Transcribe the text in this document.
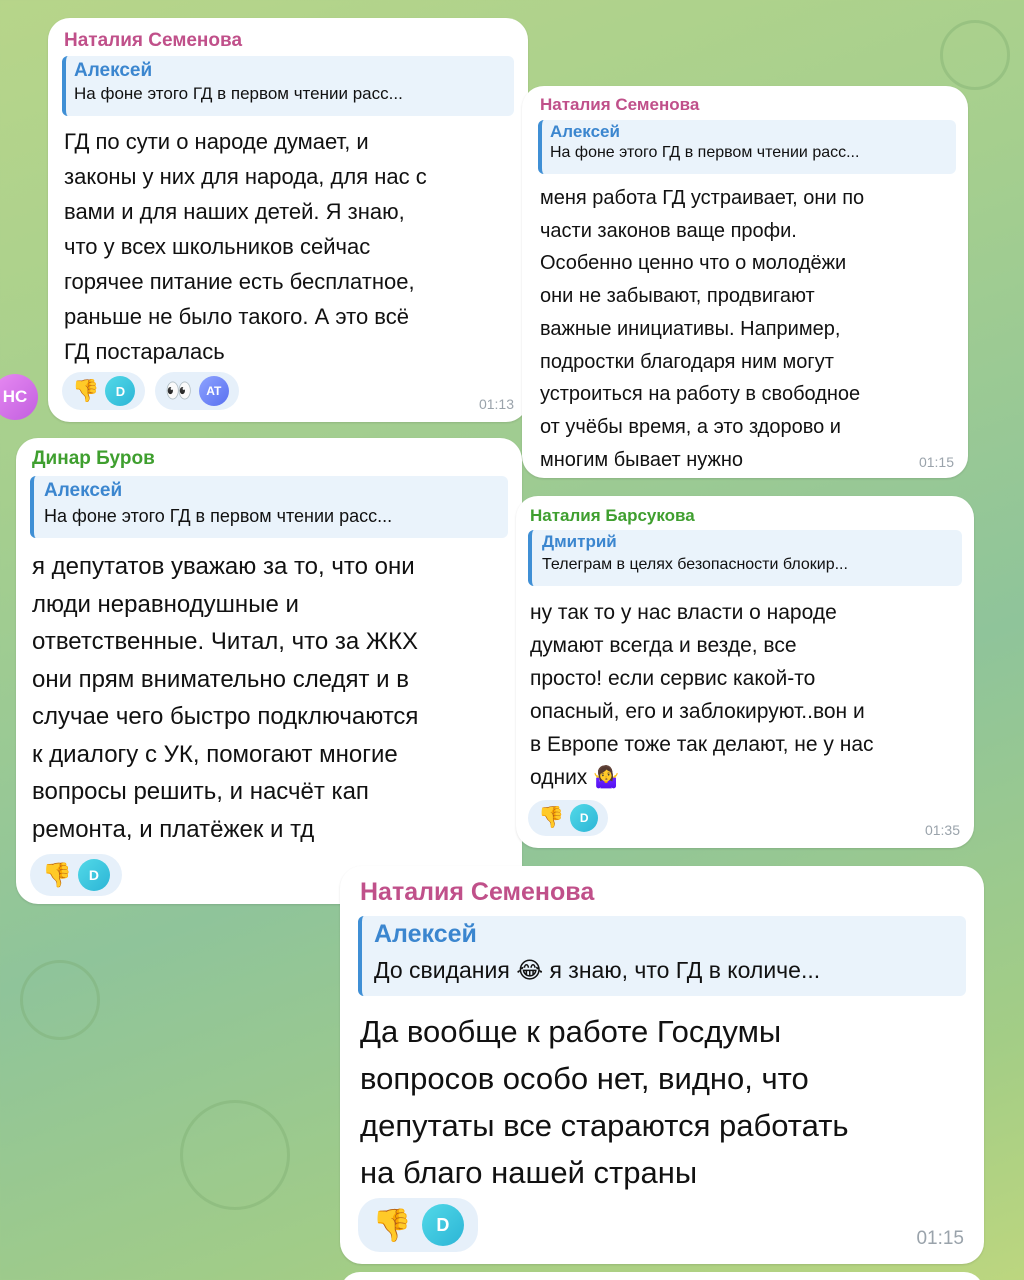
НС
Наталия Семенова
Алексей
На фоне этого ГД в первом чтении расс...
ГД по сути о народе думает, и
законы у них для народа, для нас с
вами и для наших детей. Я знаю,
что у всех школьников сейчас
горячее питание есть бесплатное,
раньше не было такого. А это всё
ГД постаралась
👎	D	👀	AT
01:13
Наталия Семенова
Алексей
На фоне этого ГД в первом чтении расс...
меня работа ГД устраивает, они по
части законов ваще профи.
Особенно ценно что о молодёжи
они не забывают, продвигают
важные инициативы. Например,
подростки благодаря ним могут
устроиться на работу в свободное
от учёбы время, а это здорово и
многим бывает нужно	01:15
Динар Буров
Алексей
На фоне этого ГД в первом чтении расс...
я депутатов уважаю за то, что они
люди неравнодушные и
ответственные. Читал, что за ЖКХ
они прям внимательно следят и в
случае чего быстро подключаются
к диалогу с УК, помогают многие
вопросы решить, и насчёт кап
ремонта, и платёжек и тд
👎	D
Наталия Барсукова
Дмитрий
Телеграм в целях безопасности блокир...
ну так то у нас власти о народе
думают всегда и везде, все
просто! если сервис какой-то
опасный, его и заблокируют..вон и
в Европе тоже так делают, не у нас
одних 🤷‍♀️
👎	D
01:35
Наталия Семенова
Алексей
До свидания 😂 я знаю, что ГД в количе...
Да вообще к работе Госдумы
вопросов особо нет, видно, что
депутаты все стараются работать
на благо нашей страны
👎	D
01:15
